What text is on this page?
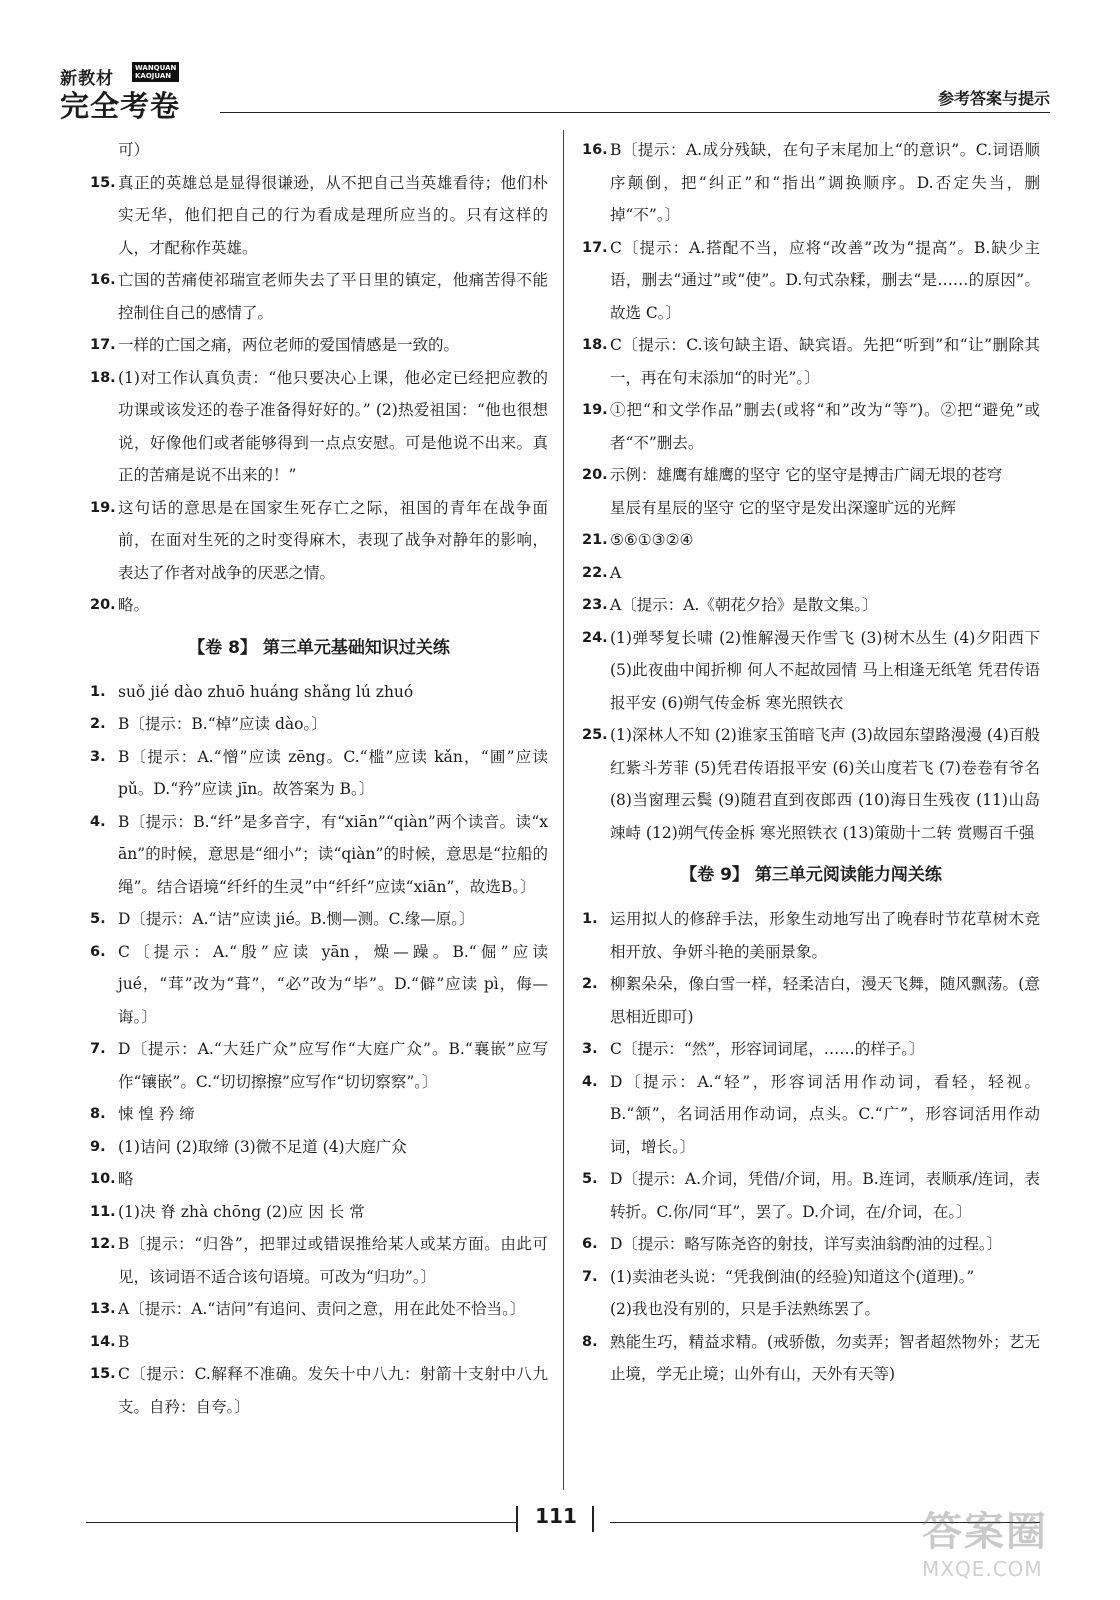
新教材
WANQUAN
KAOJUAN
完全考卷	参考答案与提示
可）
15. 真正的英雄总是显得很谦逊，从不把自己当英雄看待；他们朴实无华，他们把自己的行为看成是理所应当的。只有这样的人，才配称作英雄。
16. 亡国的苦痛使祁瑞宣老师失去了平日里的镇定，他痛苦得不能控制住自己的感情了。
17. 一样的亡国之痛，两位老师的爱国情感是一致的。
18. (1)对工作认真负责：“他只要决心上课，他必定已经把应教的功课或该发还的卷子准备得好好的。” (2)热爱祖国：“他也很想说，好像他们或者能够得到一点点安慰。可是他说不出来。真正的苦痛是说不出来的！”
19. 这句话的意思是在国家生死存亡之际，祖国的青年在战争面前，在面对生死的之时变得麻木，表现了战争对静年的影响，表达了作者对战争的厌恶之情。
20. 略。
【卷 8】 第三单元基础知识过关练
1. suǒ jié dào zhuō huáng shǎng lú zhuó
2. B〔提示：B.“棹”应读 dào。〕
3. B〔提示：A.“憎”应读 zēng。C.“槛”应读 kǎn，“圃”应读 pǔ。D.“矜”应读 jīn。故答案为 B。〕
4. B〔提示：B.“纤”是多音字，有“xiān”“qiàn”两个读音。读“x ān”的时候，意思是“细小”；读“qiàn”的时候，意思是“拉船的绳”。结合语境“纤纤的生灵”中“纤纤”应读“xiān”，故选B。〕
5. D〔提示：A.“诘”应读 jié。B.恻—测。C.缘—原。〕
6. C〔提示：A.“殷”应读 yān，燥—躁。B.“倔”应读 jué，“茸”改为“葺”，“必”改为“毕”。D.“僻”应读 pì，侮—诲。〕
7. D〔提示：A.“大廷广众”应写作“大庭广众”。B.“襄嵌”应写作“镶嵌”。C.“切切擦擦”应写作“切切察察”。〕
8. 悚 惶 矜 缔
9. (1)诘问 (2)取缔 (3)微不足道 (4)大庭广众
10. 略
11. (1)决 脊 zhà chōng (2)应 因 长 常
12. B〔提示：“归咎”，把罪过或错误推给某人或某方面。由此可见，该词语不适合该句语境。可改为“归功”。〕
13. A〔提示：A.“诘问”有追问、责问之意，用在此处不恰当。〕
14. B
15. C〔提示：C.解释不准确。发矢十中八九：射箭十支射中八九支。自矜：自夸。〕
16. B〔提示：A.成分残缺，在句子末尾加上“的意识”。C.词语顺序颠倒，把“纠正”和“指出”调换顺序。D.否定失当，删掉“不”。〕
17. C〔提示：A.搭配不当，应将“改善”改为“提高”。B.缺少主语，删去“通过”或“使”。D.句式杂糅，删去“是……的原因”。故选 C。〕
18. C〔提示：C.该句缺主语、缺宾语。先把“听到”和“让”删除其一，再在句末添加“的时光”。〕
19. ①把“和文学作品”删去(或将“和”改为“等”)。②把“避免”或者“不”删去。
20. 示例：雄鹰有雄鹰的坚守 它的坚守是搏击广阔无垠的苍穹
星辰有星辰的坚守 它的坚守是发出深邃旷远的光辉
21. ⑤⑥①③②④
22. A
23. A〔提示：A.《朝花夕拾》是散文集。〕
24. (1)弹琴复长啸 (2)惟解漫天作雪飞 (3)树木丛生 (4)夕阳西下 (5)此夜曲中闻折柳 何人不起故园情 马上相逢无纸笔 凭君传语报平安 (6)朔气传金柝 寒光照铁衣
25. (1)深林人不知 (2)谁家玉笛暗飞声 (3)故园东望路漫漫 (4)百般红紫斗芳菲 (5)凭君传语报平安 (6)关山度若飞 (7)卷卷有爷名 (8)当窗理云鬓 (9)随君直到夜郎西 (10)海日生残夜 (11)山岛竦峙 (12)朔气传金柝 寒光照铁衣 (13)策勋十二转 赏赐百千强
【卷 9】 第三单元阅读能力闯关练
1. 运用拟人的修辞手法，形象生动地写出了晚春时节花草树木竞相开放、争妍斗艳的美丽景象。
2. 柳絮朵朵，像白雪一样，轻柔洁白，漫天飞舞，随风飘荡。(意思相近即可)
3. C〔提示：“然”，形容词词尾，……的样子。〕
4. D〔提示：A.“轻”，形容词活用作动词，看轻，轻视。B.“颔”，名词活用作动词，点头。C.“广”，形容词活用作动词，增长。〕
5. D〔提示：A.介词，凭借/介词，用。B.连词，表顺承/连词，表转折。C.你/同“耳”，罢了。D.介词，在/介词，在。〕
6. D〔提示：略写陈尧咨的射技，详写卖油翁酌油的过程。〕
7. (1)卖油老头说：“凭我倒油(的经验)知道这个(道理)。”
(2)我也没有别的，只是手法熟练罢了。
8. 熟能生巧，精益求精。(戒骄傲，勿卖弄；智者超然物外；艺无止境，学无止境；山外有山，天外有天等)
111	答案圈
MXQE.COM
